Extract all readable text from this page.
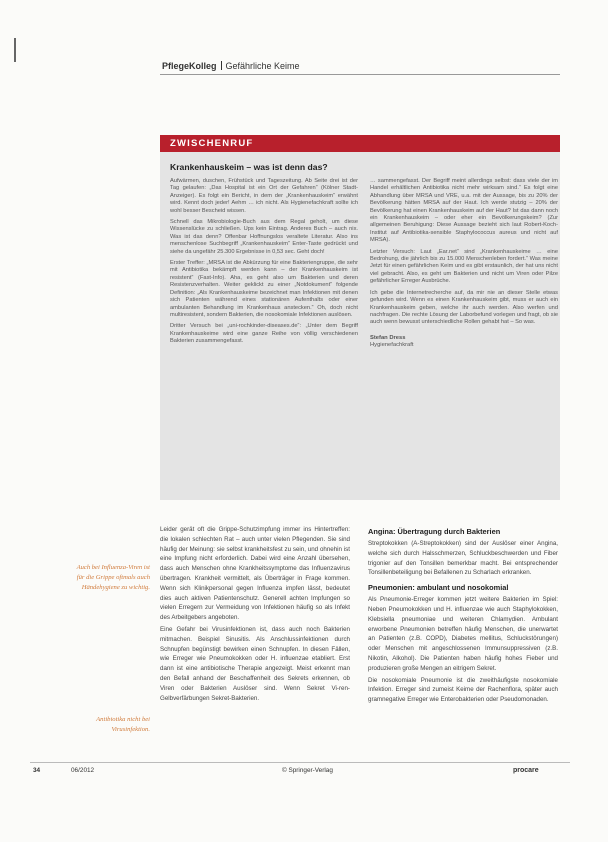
PflegeKolleg Gefährliche Keime
ZWISCHENRUF
Krankenhauskeim – was ist denn das?

Aufwärmen, duschen, Frühstück und Tageszeitung. Ab Seite drei ist der Tag gelaufen: „Das Hospital ist ein Ort der Gefahren“ (Kölner Stadt-Anzeiger). Es folgt ein Bericht, in dem der „Krankenhauskeim“ erwähnt wird. Kennt doch jeder! Aehm … ich nicht. Als Hygienefachkraft sollte ich wohl besser Bescheid wissen.

Schnell das Mikrobiologie-Buch aus dem Regal geholt, um diese Wissenslücke zu schließen. Ups kein Eintrag. Anderes Buch – auch nix. Was ist das denn? Offenbar Hoffnungslos veraltete Literatur. Also ins menschenlose Suchbegriff „Krankenhauskeim“ Enter-Taste gedrückt und siehe da ungefähr 25.300 Ergebnisse in 0,53 sec. Geht doch!

Erster Treffer: „MRSA ist die Abkürzung für eine Bakteriengruppe, die sehr mit Antibiotika bekämpft werden kann – der Krankenhauskeim ist resistent“ (Fast-Info). Aha, es geht also um Bakterien und deren Resistenzverhalten. Weiter geklickt zu einer „Notdokument“ folgende Definition: „Als Krankenhauskeime bezeichnet man Infektionen mit denen sich Patienten während eines stationären Aufenthalts oder einer ambulanten Behandlung im Krankenhaus anstecken.“ Oh, doch nicht multiresistent, sondern Bakterien, die nosokomiale Infektionen auslösen.

Dritter Versuch bei „uni-rochkinder-diseases.de“: „Unter dem Begriff Krankenhauskeime wird eine ganze Reihe von völlig verschiedenen Bakterien zusammengefasst.

… sammengefasst. Der Begriff meint allerdings selbst: dass viele der im Handel erhältlichen Antibiotika nicht mehr wirksam sind.“ Es folgt eine Abhandlung über MRSA und VRE, u.a. mit der Aussage, bis zu 20% der Bevölkerung hätten MRSA auf der Haut. Ich werde stutzig – 20% der Bevölkerung hat einen Krankenhauskeim auf der Haut? Ist das dann noch ein Krankenhauskeim – oder eher ein Bevölkerungskeim? (Zur allgemeinen Beruhigung: Diese Aussage bezieht sich laut Robert-Koch-Institut auf Antibiotika-sensible Staphylococcus aureus und nicht auf MRSA).

Letzter Versuch: Laut „Ear.net“ sind „Krankenhauskeime … eine Bedrohung, die jährlich bis zu 15.000 Menschenleben fordert.“ Was meine Jetzt für einen gefährlichen Keim und es gibt erstaunlich, der hat uns nicht viel gebracht. Also, es geht um Bakterien und nicht um Viren oder Pilze gefährlicher Erreger Ausbrüche.

Ich gebe die Internetrecherche auf, da mir nie an dieser Stelle etwas gefunden wird. Wenn es einen Krankenhauskeim gibt, muss er auch ein Krankenhauskeim geben, welche ihr auch werden. Also werfen und nachfragen. Die rechte Lösung der Laborbefund vorlegen und fragt, ob sie auch wenn bewusst unterschiedliche Rollen gehabt hat – So was.

Stefan Dress
Hygienefachkraft
Auch bei Influenza-Viren ist für die Grippe oftmals auch Händehygiene zu wichtig.
Antibiotika nicht bei Virusinfektion.

Leider gerät oft die Grippe-Schutzimpfung immer ins Hintertreffen: die lokalen schlechten Rat – auch unter vielen Pflegenden. Sie sind häufig der Meinung: sie selbst krankheitsfest zu sein, und ohnehin ist eine Impfung nicht erforderlich. Dabei wird eine Anzahl übersehen, dass auch Menschen ohne Krankheitssymptome das Influenzavirus übertragen. Krankheit vermittelt, als Überträger in Frage kommen. Wenn sich Klinikpersonal gegen Influenza impfen lässt, bedeutet dies auch aktiven Patientenschutz. Generell achten Impfungen so vielen Erregern zur Vermeidung von Infektionen häufig so als Infekt des Arbeitgebers angeboten.

Eine Gefahr bei Virusinfektionen ist, dass auch noch Bakterien mitmachen. Beispiel Sinusitis. Als Anschlussinfektionen durch Schnupfen begünstigt bewirken einen Schnupfen. In diesen Fällen, wie Erreger wie Pneumokokken oder H. influenzae etabliert. Erst dann ist eine antibiotische Therapie angezeigt. Meist erkennt man den Befall anhand der Beschaffenheit des Sekrets erkennen, ob Viren oder Bakterien Auslöser sind. Wenn Sekret Vi-ren-Gelbverfärbungen Sekret-Bakterien.

Angina: Übertragung durch Bakterien

Streptokokken (A-Streptokokken) sind der Auslöser einer Angina, welche sich durch Halsschmerzen, Schluckbeschwerden und Fiber trigonier auf den Tonsillen bemerkbar macht. Bei entsprechender Tonsillenbeteiligung bei Befallenen zu Scharlach erkranken.

Pneumonien: ambulant und nosokomial

Als Pneumonie-Erreger kommen jetzt weitere Bakterien im Spiel: Neben Pneumokokken und H. influenzae wie auch Staphylokokken, Klebsiella pneumoniae und weiteren Chlamydien. Ambulant erworbene Pneumonien betreffen häufig Menschen, die unerwartet an Patienten (z.B. COPD), Diabetes mellitus, Schluckstörungen) oder Menschen mit angeschlossenen Immunsuppressiven (z.B. Nikotin, Alkohol). Die Patienten haben häufig hohes Fieber und produzieren große Mengen an eitrigem Sekret.

Die nosokomiale Pneumonie ist die zweithäufigste nosokomiale Infektion. Erreger sind zumeist Keime der Rachenflora, später auch gramnegative Erreger wie Enterobakterien oder Pseudomonaden.

34	06/2012	© Springer-Verlag	procare
